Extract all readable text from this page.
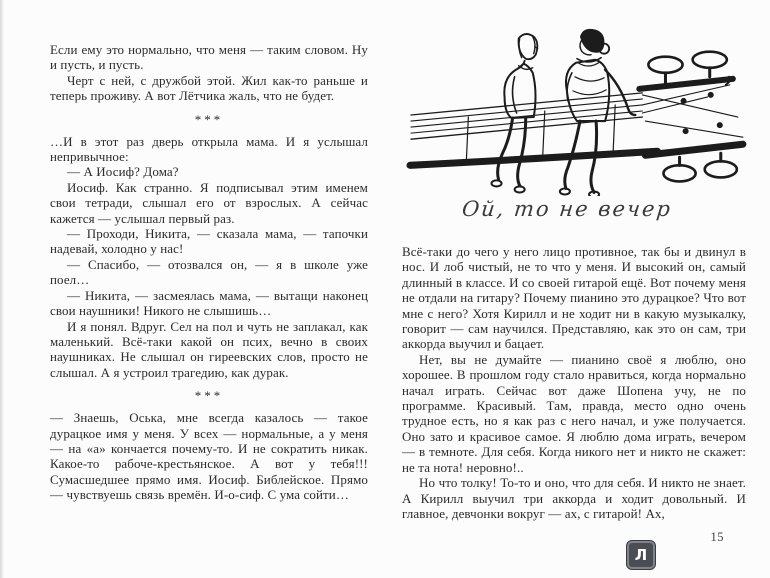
Если ему это нормально, что меня — таким словом. Ну и пусть, и пусть.

Черт с ней, с дружбой этой. Жил как-то раньше и теперь проживу. А вот Лётчика жаль, что не будет.

***

…И в этот раз дверь открыла мама. И я услышал непривычное:

— А Иосиф? Дома?

Иосиф. Как странно. Я подписывал этим именем свои тетради, слышал его от взрослых. А сейчас кажется — услышал первый раз.

— Проходи, Никита, — сказала мама, — тапочки надевай, холодно у нас!

— Спасибо, — отозвался он, — я в школе уже поел…

— Никита, — засмеялась мама, — вытащи наконец свои наушники! Никого не слышишь…

И я понял. Вдруг. Сел на пол и чуть не заплакал, как маленький. Всё-таки какой он псих, вечно в своих наушниках. Не слышал он гиреевских слов, просто не слышал. А я устроил трагедию, как дурак.

***

— Знаешь, Оська, мне всегда казалось — такое дурацкое имя у меня. У всех — нормальные, а у меня — на «а» кончается почему-то. И не сократить никак. Какое-то рабоче-крестьянское. А вот у тебя!!! Сумасшедшее прямо имя. Иосиф. Библейское. Прямо — чувствуешь связь времён. И-о-сиф. С ума сойти…

Ой, то не вечер

Всё-таки до чего у него лицо противное, так бы и двинул в нос. И лоб чистый, не то что у меня. И высокий он, самый длинный в классе. И со своей гитарой ещё. Вот почему меня не отдали на гитару? Почему пианино это дурацкое? Что вот мне с него? Хотя Кирилл и не ходит ни в какую музыкалку, говорит — сам научился. Представляю, как это он сам, три аккорда выучил и бацает.

Нет, вы не думайте — пианино своё я люблю, оно хорошее. В прошлом году стало нравиться, когда нормально начал играть. Сейчас вот даже Шопена учу, не по программе. Красивый. Там, правда, место одно очень трудное есть, но я как раз с него начал, и уже получается. Оно зато и красивое самое. Я люблю дома играть, вечером — в темноте. Для себя. Когда никого нет и никто не скажет: не та нота! неровно!..

Но что толку! То-то и оно, что для себя. И никто не знает. А Кирилл выучил три аккорда и ходит довольный. И главное, девчонки вокруг — ах, с гитарой! Ах,

15
Л
